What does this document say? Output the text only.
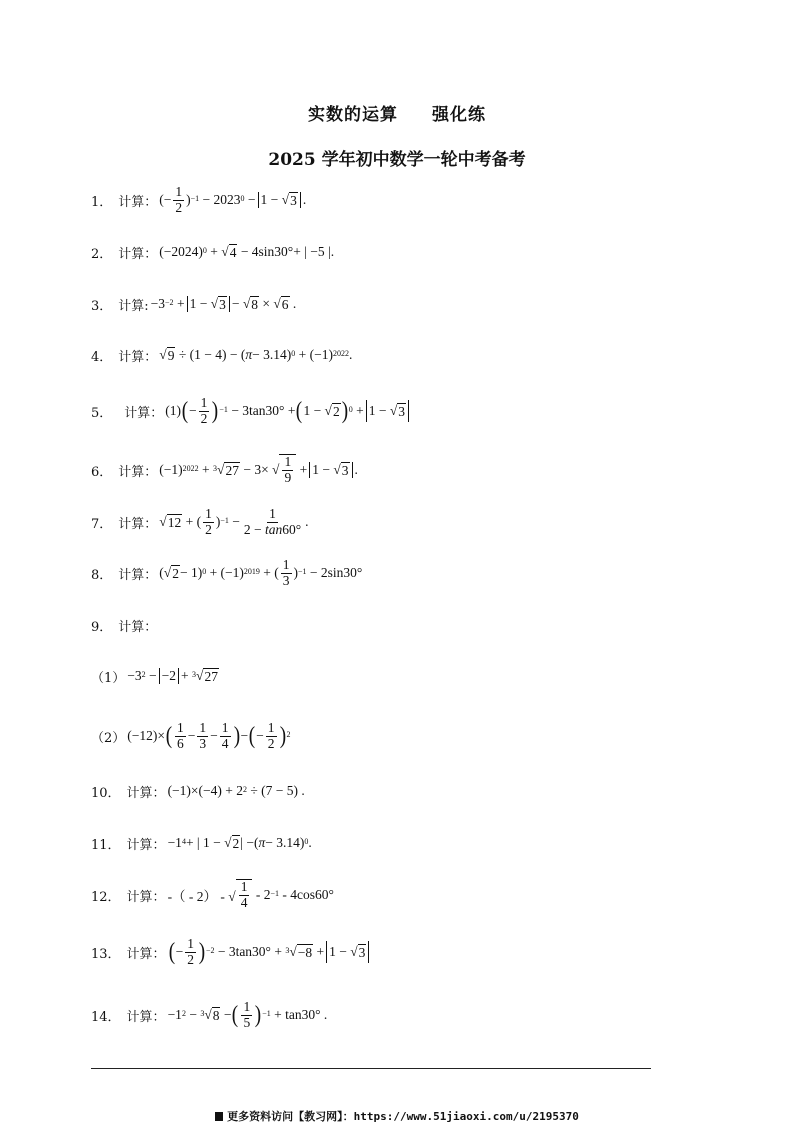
实数的运算 强化练
2025 学年初中数学一轮中考备考
1． 计算： (− $\frac{1}{2} )^{-1} - 2023^0 - 1$ − √ 3 .
2． 计算： $(-2024)^0$ + √ 4 − 4sin30°+ | −5 |.
3． 计算: $-3^{-2} + 1$ − √ 3 − √ 8 × √ 6 .
4． 计算： √ 9 ÷ (1 − 4) − ( $\pi - 3.14)^0 + (-1)^{2022}$ .
5． 计算： (1) ( − $\frac{1}{2} )^{-1} - 3\tan 30^\circ$ + ( 1 − √ 2 )$^0$ + 1 − √ 3
6． 计算： $(-1)^{2022} + ^3$ √ 27 − 3× √ $\frac{1}{9} + 1$ − √ 3 .
7． 计算： √ 12 + ( $\frac{1}{2} )^{-1} - \frac{1}{2 - \tan 60^\circ}$ .
8． 计算： (√ $2 - 1)^0 + (-1)^{2019}$ + ( $\frac{1}{3} )^{-1} - 2\sin 30^\circ$
9． 计算：
$(1) -3^2 - -2 + ^3$ √ 27
（2） (−12)× ( $\frac{1}{6} - \frac{1}{3} - \frac{1}{4}$ ) − ( − $\frac{1}{2} )^2$
10． 计算： $(-1)\times(-4) + 2^2 \div (7 - 5)$ .
11． 计算： $-1^4$ + | 1 − √ 2 | −( π − 3.14)$^0$ .
12． 计算： -（ - 2） - √ $\frac{1}{4} - 2^{-1} - 4\cos 60^\circ$
13． 计算： ( − $\frac{1}{2} )^{-2} - 3\tan 30^\circ + ^3$ √ −8 + 1 − √ 3
14． 计算： $-1^2 - ^3$ √ 8 − ( $\frac{1}{5} )^{-1} + \tan 30^\circ$ .
更多资料访问【教习网】：https://www.51jiaoxi.com/u/2195370
